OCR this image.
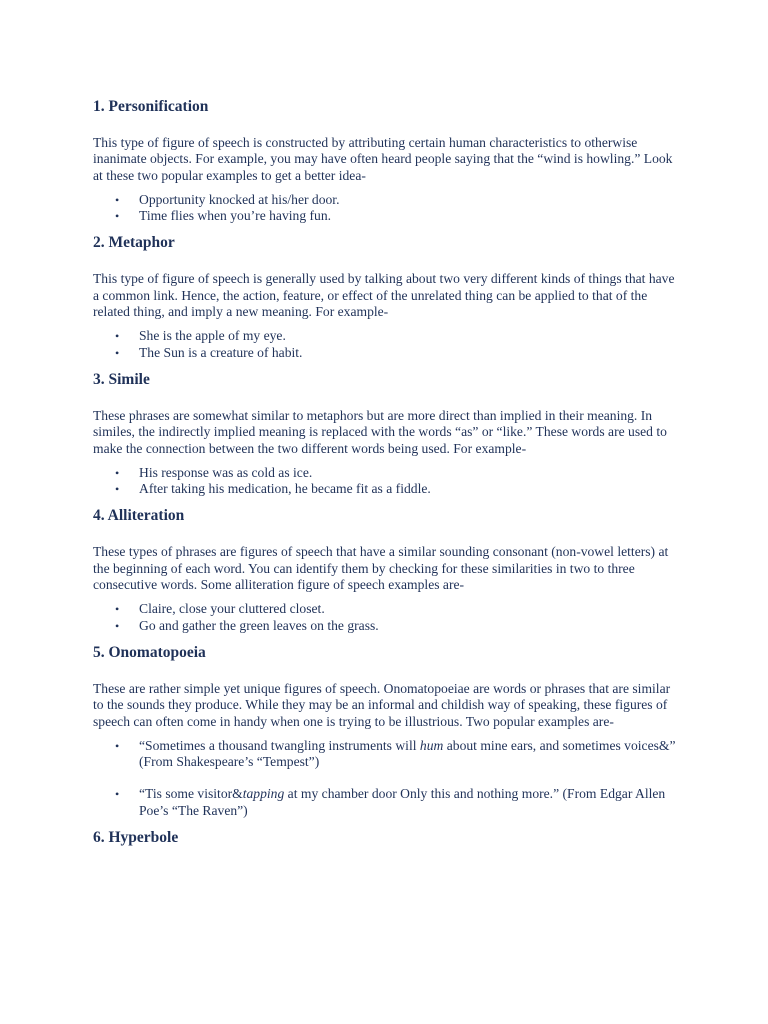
1. Personification

This type of figure of speech is constructed by attributing certain human characteristics to otherwise inanimate objects. For example, you may have often heard people saying that the “wind is howling.” Look at these two popular examples to get a better idea-

• Opportunity knocked at his/her door.
• Time flies when you’re having fun.
2. Metaphor

This type of figure of speech is generally used by talking about two very different kinds of things that have a common link. Hence, the action, feature, or effect of the unrelated thing can be applied to that of the related thing, and imply a new meaning. For example-

• She is the apple of my eye.
• The Sun is a creature of habit.
3. Simile

These phrases are somewhat similar to metaphors but are more direct than implied in their meaning. In similes, the indirectly implied meaning is replaced with the words “as” or “like.” These words are used to make the connection between the two different words being used. For example-

• His response was as cold as ice.
• After taking his medication, he became fit as a fiddle.
4. Alliteration

These types of phrases are figures of speech that have a similar sounding consonant (non-vowel letters) at the beginning of each word. You can identify them by checking for these similarities in two to three consecutive words. Some alliteration figure of speech examples are-

• Claire, close your cluttered closet.
• Go and gather the green leaves on the grass.
5. Onomatopoeia

These are rather simple yet unique figures of speech. Onomatopoeiae are words or phrases that are similar to the sounds they produce. While they may be an informal and childish way of speaking, these figures of speech can often come in handy when one is trying to be illustrious. Two popular examples are-

• “Sometimes a thousand twangling instruments will hum about mine ears, and sometimes voices&” (From Shakespeare’s “Tempest”)
• “Tis some visitor&tapping at my chamber door Only this and nothing more.” (From Edgar Allen Poe’s “The Raven”)
6. Hyperbole
